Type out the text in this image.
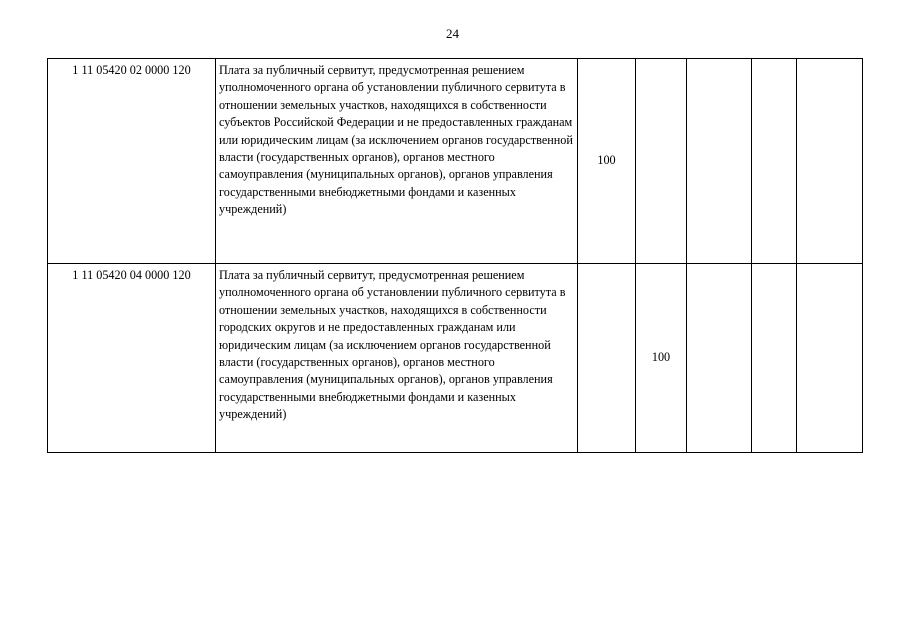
24
1 11 05420 02 0000 120	Плата за публичный сервитут, предусмотренная решением уполномоченного органа об установлении публичного сервитута в отношении земельных участков, находящихся в собственности субъектов Российской Федерации и не предоставленных гражданам или юридическим лицам (за исключением органов государственной власти (государственных органов), органов местного самоуправления (муниципальных органов), органов управления государственными внебюджетными фондами и казенных учреждений)	100				
1 11 05420 04 0000 120	Плата за публичный сервитут, предусмотренная решением уполномоченного органа об установлении публичного сервитута в отношении земельных участков, находящихся в собственности городских округов и не предоставленных гражданам или юридическим лицам (за исключением органов государственной власти (государственных органов), органов местного самоуправления (муниципальных органов), органов управления государственными внебюджетными фондами и казенных учреждений)		100			
